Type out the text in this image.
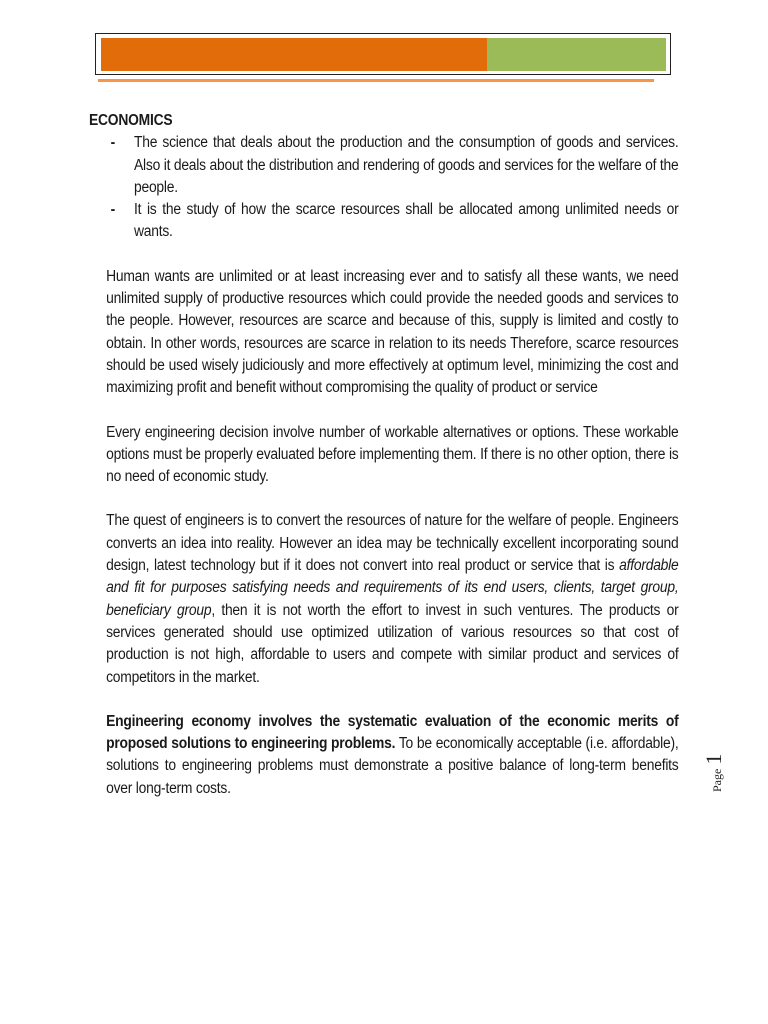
ECONOMICS

- The science that deals about the production and the consumption of goods and services. Also it deals about the distribution and rendering of goods and services for the welfare of the people.
- It is the study of how the scarce resources shall be allocated among unlimited needs or wants.

Human wants are unlimited or at least increasing ever and to satisfy all these wants, we need unlimited supply of productive resources which could provide the needed goods and services to the people. However, resources are scarce and because of this, supply is limited and costly to obtain. In other words, resources are scarce in relation to its needs Therefore, scarce resources should be used wisely judiciously and more effectively at optimum level, minimizing the cost and maximizing profit and benefit without compromising the quality of product or service

Every engineering decision involve number of workable alternatives or options. These workable options must be properly evaluated before implementing them. If there is no other option, there is no need of economic study.

The quest of engineers is to convert the resources of nature for the welfare of people. Engineers converts an idea into reality. However an idea may be technically excellent incorporating sound design, latest technology but if it does not convert into real product or service that is affordable and fit for purposes satisfying needs and requirements of its end users, clients, target group, beneficiary group, then it is not worth the effort to invest in such ventures. The products or services generated should use optimized utilization of various resources so that cost of production is not high, affordable to users and compete with similar product and services of competitors in the market.

Engineering economy involves the systematic evaluation of the economic merits of proposed solutions to engineering problems. To be economically acceptable (i.e. affordable), solutions to engineering problems must demonstrate a positive balance of long-term benefits over long-term costs.	Page 1
